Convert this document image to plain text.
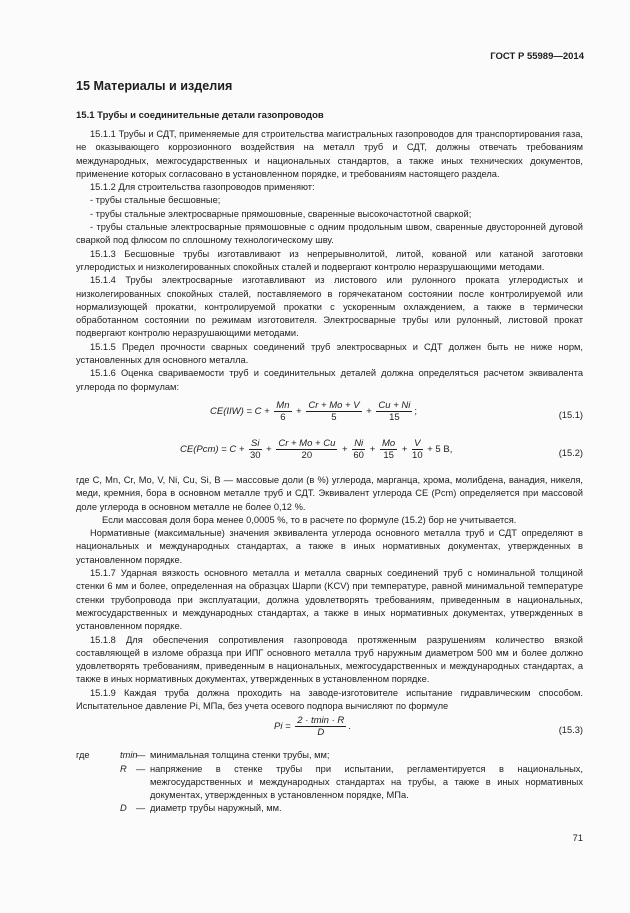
ГОСТ Р 55989—2014
15 Материалы и изделия
15.1 Трубы и соединительные детали газопроводов

15.1.1 Трубы и СДТ, применяемые для строительства магистральных газопроводов для транспортирования газа, не оказывающего коррозионного воздействия на металл труб и СДТ, должны отвечать требованиям международных, межгосударственных и национальных стандартов, а также иных технических документов, применение которых согласовано в установленном порядке, и требованиям настоящего раздела.

15.1.2 Для строительства газопроводов применяют:

- трубы стальные бесшовные;

- трубы стальные электросварные прямошовные, сваренные высокочастотной сваркой;

- трубы стальные электросварные прямошовные с одним продольным швом, сваренные двусторонней дуговой сваркой под флюсом по сплошному технологическому шву.

15.1.3 Бесшовные трубы изготавливают из непрерывнолитой, литой, кованой или катаной заготовки углеродистых и низколегированных спокойных сталей и подвергают контролю неразрушающими методами.

15.1.4 Трубы электросварные изготавливают из листового или рулонного проката углеродистых и низколегированных спокойных сталей, поставляемого в горячекатаном состоянии после контролируемой или нормализующей прокатки, контролируемой прокатки с ускоренным охлаждением, а также в термически обработанном состоянии по режимам изготовителя. Электросварные трубы или рулонный, листовой прокат подвергают контролю неразрушающими методами.

15.1.5 Предел прочности сварных соединений труб электросварных и СДТ должен быть не ниже норм, установленных для основного металла.

15.1.6 Оценка свариваемости труб и соединительных деталей должна определяться расчетом эквивалента углерода по формулам:

$CE(IIW) = C + \frac{Mn}{6} + \frac{Cr + Mo + V}{5} + \frac{Cu + Ni}{15}$ ;	(15.1)
$CE(Pcm) = C + \frac{Si}{30} + \frac{Cr + Mo + Cu}{20} + \frac{Ni}{60} + \frac{Mo}{15} + \frac{V}{10} + 5$ B,	(15.2)

где C, Mn, Cr, Mo, V, Ni, Cu, Si, B — массовые доли (в %) углерода, марганца, хрома, молибдена, ванадия, никеля, меди, кремния, бора в основном металле труб и СДТ. Эквивалент углерода CE (Pcm) определяется при массовой доле углерода в основном металле не более 0,12 %.

Если массовая доля бора менее 0,0005 %, то в расчете по формуле (15.2) бор не учитывается.

Нормативные (максимальные) значения эквивалента углерода основного металла труб и СДТ определяют в национальных и международных стандартах, а также в иных нормативных документах, утвержденных в установленном порядке.

15.1.7 Ударная вязкость основного металла и металла сварных соединений труб с номинальной толщиной стенки 6 мм и более, определенная на образцах Шарпи (KCV) при температуре, равной минимальной температуре стенки трубопровода при эксплуатации, должна удовлетворять требованиям, приведенным в национальных, межгосударственных и международных стандартах, а также в иных нормативных документах, утвержденных в установленном порядке.

15.1.8 Для обеспечения сопротивления газопровода протяженным разрушениям количество вязкой составляющей в изломе образца при ИПГ основного металла труб наружным диаметром 500 мм и более должно удовлетворять требованиям, приведенным в национальных, межгосударственных и международных стандартах, а также в иных нормативных документах, утвержденных в установленном порядке.

15.1.9 Каждая труба должна проходить на заводе-изготовителе испытание гидравлическим способом. Испытательное давление Pi, МПа, без учета осевого подпора вычисляют по формуле

Pi =
2 · tmin · R
D
.	(15.3)
где	tmin
— минимальная толщина стенки трубы, мм;
R — напряжение в стенке трубы при испытании, регламентируется в национальных, межгосударственных и международных стандартах на трубы, а также в иных нормативных документах, утвержденных в установленном порядке, МПа.
D — диаметр трубы наружный, мм.
71
